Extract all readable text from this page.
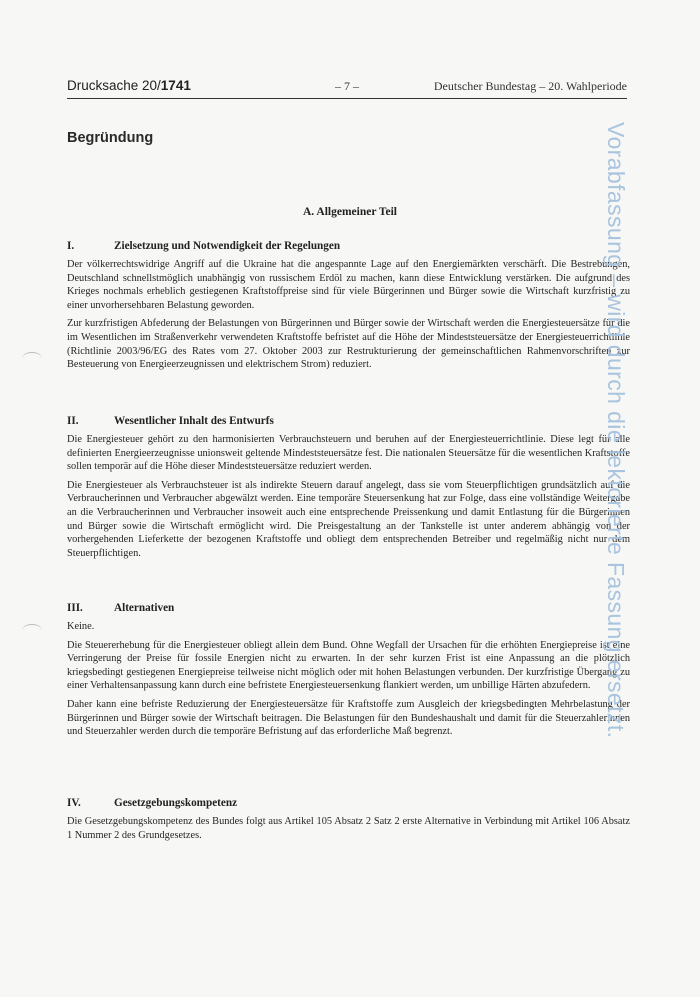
Drucksache 20/1741	– 7 –	Deutscher Bundestag – 20. Wahlperiode
Begründung
A. Allgemeiner Teil
I.	Zielsetzung und Notwendigkeit der Regelungen

Der völkerrechtswidrige Angriff auf die Ukraine hat die angespannte Lage auf den Energiemärkten verschärft. Die Bestrebungen, Deutschland schnellstmöglich unabhängig von russischem Erdöl zu machen, kann diese Entwicklung verstärken. Die aufgrund des Krieges nochmals erheblich gestiegenen Kraftstoffpreise sind für viele Bürgerinnen und Bürger sowie die Wirtschaft kurzfristig zu einer unvorhersehbaren Belastung geworden.

Zur kurzfristigen Abfederung der Belastungen von Bürgerinnen und Bürger sowie der Wirtschaft werden die Energiesteuersätze für die im Wesentlichen im Straßenverkehr verwendeten Kraftstoffe befristet auf die Höhe der Mindeststeuersätze der Energiesteuerrichtlinie (Richtlinie 2003/96/EG des Rates vom 27. Oktober 2003 zur Restrukturierung der gemeinschaftlichen Rahmenvorschriften zur Besteuerung von Energieerzeugnissen und elektrischem Strom) reduziert.

II.	Wesentlicher Inhalt des Entwurfs

Die Energiesteuer gehört zu den harmonisierten Verbrauchsteuern und beruhen auf der Energiesteuerrichtlinie. Diese legt für alle definierten Energieerzeugnisse unionsweit geltende Mindeststeuersätze fest. Die nationalen Steuersätze für die wesentlichen Kraftstoffe sollen temporär auf die Höhe dieser Mindeststeuersätze reduziert werden.

Die Energiesteuer als Verbrauchsteuer ist als indirekte Steuern darauf angelegt, dass sie vom Steuerpflichtigen grundsätzlich auf die Verbraucherinnen und Verbraucher abgewälzt werden. Eine temporäre Steuersenkung hat zur Folge, dass eine vollständige Weitergabe an die Verbraucherinnen und Verbraucher insoweit auch eine entsprechende Preissenkung und damit Entlastung für die Bürgerinnen und Bürger sowie die Wirtschaft ermöglicht wird. Die Preisgestaltung an der Tankstelle ist unter anderem abhängig von der vorhergehenden Lieferkette der bezogenen Kraftstoffe und obliegt dem entsprechenden Betreiber und regelmäßig nicht nur dem Steuerpflichtigen.

III.	Alternativen

Keine.

Die Steuererhebung für die Energiesteuer obliegt allein dem Bund. Ohne Wegfall der Ursachen für die erhöhten Energiepreise ist eine Verringerung der Preise für fossile Energien nicht zu erwarten. In der sehr kurzen Frist ist eine Anpassung an die plötzlich kriegsbedingt gestiegenen Energiepreise teilweise nicht möglich oder mit hohen Belastungen verbunden. Der kurzfristige Übergang zu einer Verhaltensanpassung kann durch eine befristete Energiesteuersenkung flankiert werden, um unbillige Härten abzufedern.

Daher kann eine befriste Reduzierung der Energiesteuersätze für Kraftstoffe zum Ausgleich der kriegsbedingten Mehrbelastung der Bürgerinnen und Bürger sowie der Wirtschaft beitragen. Die Belastungen für den Bundeshaushalt und damit für die Steuerzahlerinnen und Steuerzahler werden durch die temporäre Befristung auf das erforderliche Maß begrenzt.

IV.	Gesetzgebungskompetenz

Die Gesetzgebungskompetenz des Bundes folgt aus Artikel 105 Absatz 2 Satz 2 erste Alternative in Verbindung mit Artikel 106 Absatz 1 Nummer 2 des Grundgesetzes.

Vorabfassung – wird durch die lektorierte Fassung ersetzt.
